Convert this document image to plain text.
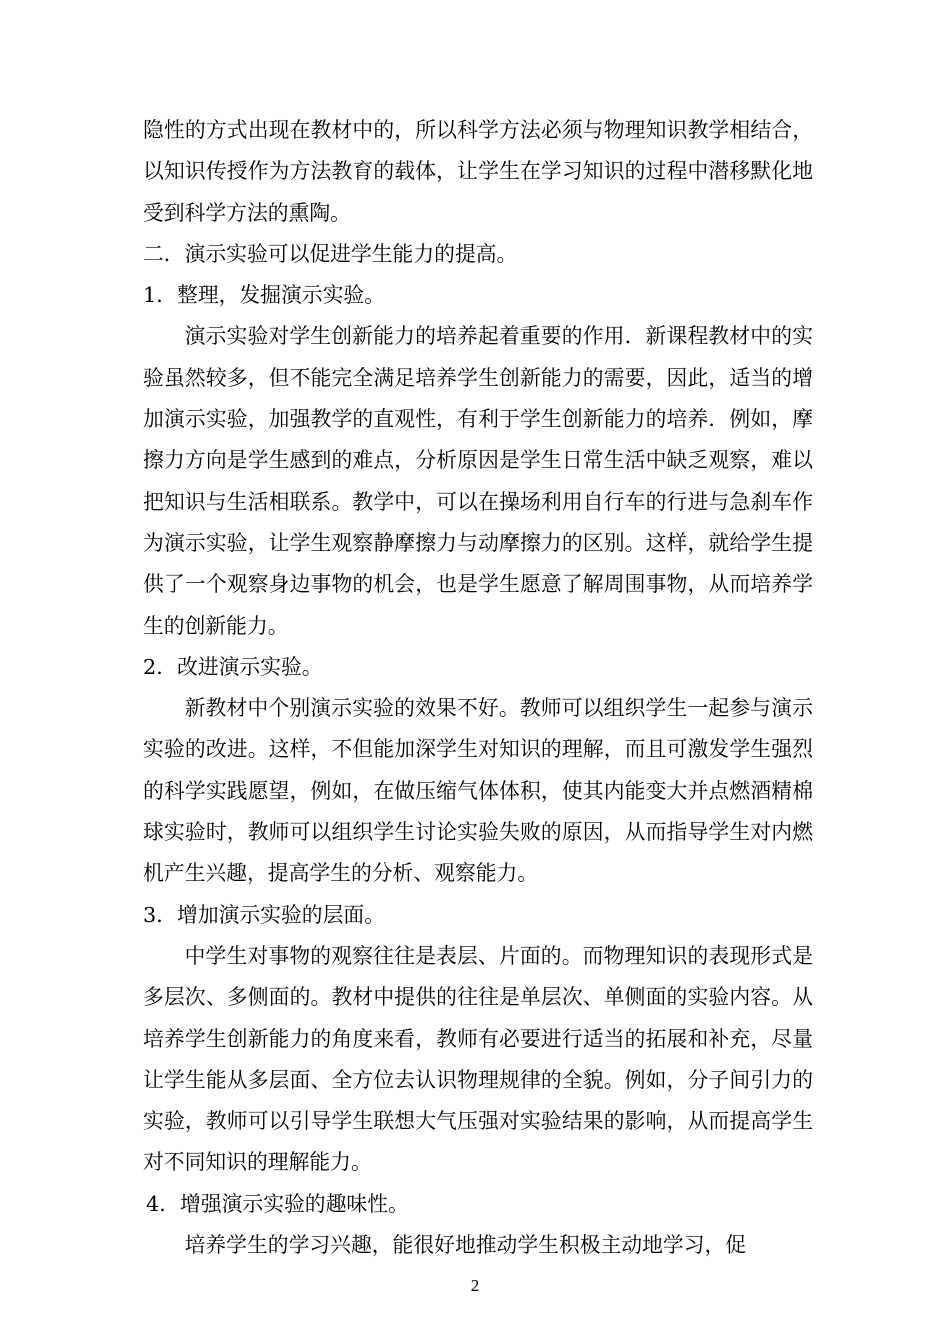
隐性的方式出现在教材中的，所以科学方法必须与物理知识教学相结合，以知识传授作为方法教育的载体，让学生在学习知识的过程中潜移默化地受到科学方法的熏陶。

二．演示实验可以促进学生能力的提高。

1．整理，发掘演示实验。

演示实验对学生创新能力的培养起着重要的作用．新课程教材中的实验虽然较多，但不能完全满足培养学生创新能力的需要，因此，适当的增加演示实验，加强教学的直观性，有利于学生创新能力的培养．例如，摩擦力方向是学生感到的难点，分析原因是学生日常生活中缺乏观察，难以把知识与生活相联系。教学中，可以在操场利用自行车的行进与急刹车作为演示实验，让学生观察静摩擦力与动摩擦力的区别。这样，就给学生提供了一个观察身边事物的机会，也是学生愿意了解周围事物，从而培养学生的创新能力。

2．改进演示实验。

新教材中个别演示实验的效果不好。教师可以组织学生一起参与演示实验的改进。这样，不但能加深学生对知识的理解，而且可激发学生强烈的科学实践愿望，例如，在做压缩气体体积，使其内能变大并点燃酒精棉球实验时，教师可以组织学生讨论实验失败的原因，从而指导学生对内燃机产生兴趣，提高学生的分析、观察能力。

3．增加演示实验的层面。

中学生对事物的观察往往是表层、片面的。而物理知识的表现形式是多层次、多侧面的。教材中提供的往往是单层次、单侧面的实验内容。从培养学生创新能力的角度来看，教师有必要进行适当的拓展和补充，尽量让学生能从多层面、全方位去认识物理规律的全貌。例如，分子间引力的实验，教师可以引导学生联想大气压强对实验结果的影响，从而提高学生对不同知识的理解能力。

4．增强演示实验的趣味性。

培养学生的学习兴趣，能很好地推动学生积极主动地学习，促

2
